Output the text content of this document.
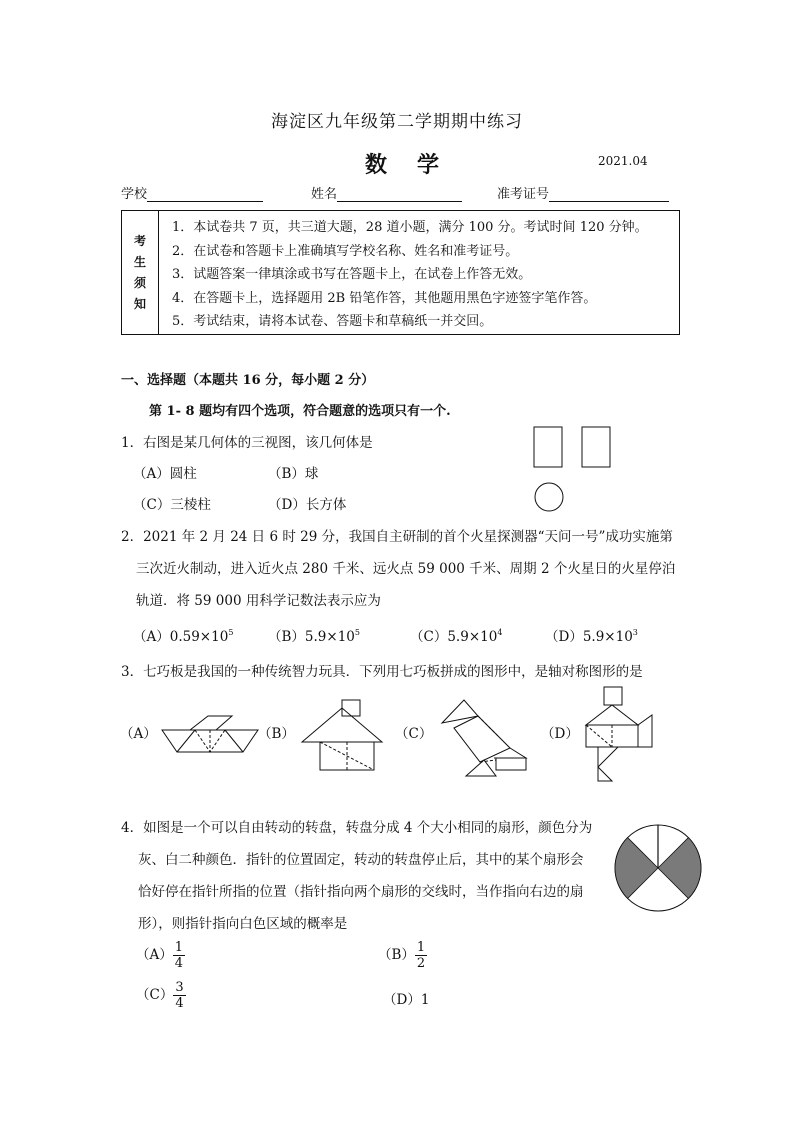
海淀区九年级第二学期期中练习
数学	2021.04
学校	姓名	准考证号
考
生
须
知
1．本试卷共 7 页，共三道大题，28 道小题，满分 100 分。考试时间 120 分钟。
2．在试卷和答题卡上准确填写学校名称、姓名和准考证号。
3．试题答案一律填涂或书写在答题卡上，在试卷上作答无效。
4．在答题卡上，选择题用 2B 铅笔作答，其他题用黑色字迹签字笔作答。
5．考试结束，请将本试卷、答题卡和草稿纸一并交回。
一、选择题（本题共 16 分，每小题 2 分）
第 1- 8 题均有四个选项，符合题意的选项只有一个.
1．右图是某几何体的三视图，该几何体是
（A）圆柱	（B）球
（C）三棱柱	（D）长方体
2．2021 年 2 月 24 日 6 时 29 分，我国自主研制的首个火星探测器“天问一号”成功实施第
三次近火制动，进入近火点 280 千米、远火点 59 000 千米、周期 2 个火星日的火星停泊
轨道．将 59 000 用科学记数法表示应为
$(A)0.59\times 10^5$	$(B)5.9\times 10^5$	$(C)5.9\times 10^4$	$(D)5.9\times 10^3$
3．七巧板是我国的一种传统智力玩具．下列用七巧板拼成的图形中，是轴对称图形的是
（A）	（B）	（C）	（D）
4．如图是一个可以自由转动的转盘，转盘分成 4 个大小相同的扇形，颜色分为
灰、白二种颜色．指针的位置固定，转动的转盘停止后，其中的某个扇形会
恰好停在指针所指的位置（指针指向两个扇形的交线时，当作指向右边的扇
形），则指针指向白色区域的概率是
$(A) \frac{1}{4}$	$(B) \frac{1}{2}$
$(C) \frac{3}{4}$	（D）1
